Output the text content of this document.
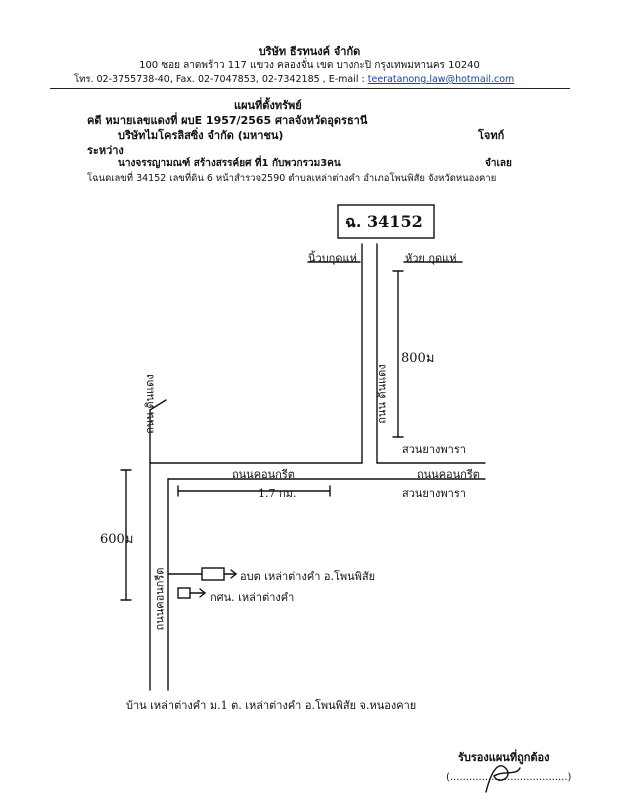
บริษัท ธีรทนงค์ จำกัด
100 ซอย ลาดพร้าว 117 แขวง คลองจั่น เขต บางกะปิ กรุงเทพมหานคร 10240
โทร. 02-3755738-40, Fax. 02-7047853, 02-7342185 , E-mail : teeratanong.law@hotmail.com
แผนที่ตั้งทรัพย์
คดี หมายเลขแดงที่ ผบE 1957/2565 ศาลจังหวัดอุดรธานี
บริษัทไมโครลิสซิ่ง จำกัด (มหาชน)	โจทก์
ระหว่าง
นางจรรญามณฑ์ สร้างสรรค์ยศ ที่1 กับพวกรวม3คน	จำเลย
โฉนดเลขที่ 34152 เลขที่ดิน 6 หน้าสำรวจ2590 ตำบลเหล่าต่างคำ อำเภอโพนพิสัย จังหวัดหนองคาย
ฉ. 34152
นิ้วบกุดแห่	หัวย กุดแห่
800ม
ถนน ดินแดง
สวนยางพารา
ถนนคอนกรีต	ถนนคอนกรีต
1.7 กม.	สวนยางพารา
ถนน ดินแดง
600ม
ถนนคอนกรีต	อบต เหล่าต่างคำ อ.โพนพิสัย
กศน. เหล่าต่างคำ
บ้าน เหล่าต่างคำ ม.1 ต. เหล่าต่างคำ อ.โพนพิสัย จ.หนองคาย
รับรองแผนที่ถูกต้อง
(.....................................)
